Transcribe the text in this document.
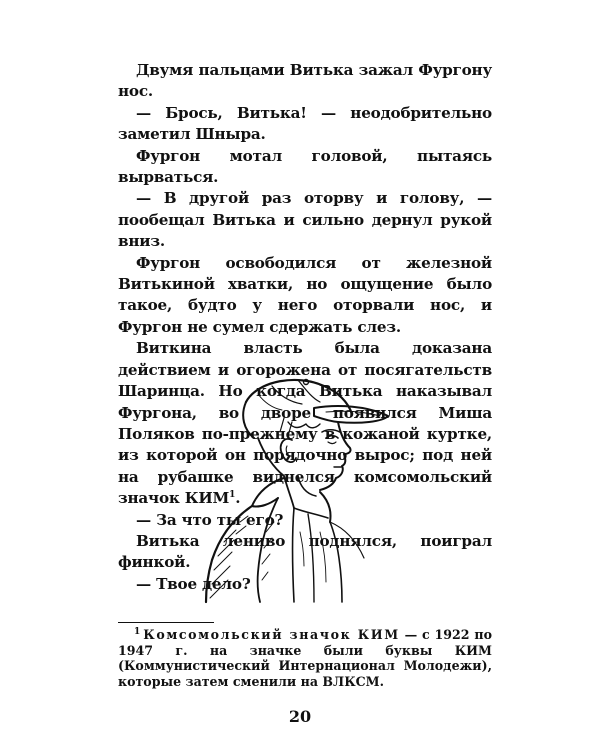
Двумя пальцами Витька зажал Фургону нос.

— Брось, Витька! — неодобрительно заметил Шныра.

Фургон мотал головой, пытаясь вырваться.

— В другой раз оторву и голову, — пообещал Витька и сильно дернул рукой вниз.

Фургон освободился от железной Витькиной хватки, но ощущение было такое, будто у него оторвали нос, и Фургон не сумел сдержать слез.

Виткина власть была доказана действием и огорожена от посягательств Шаринца. Но когда Витька наказывал Фургона, во дворе появился Миша Поляков по-прежнему в кожаной куртке, из которой он порядочно вырос; под ней на рубашке виднелся комсомольский значок КИМ$^1$.

— За что ты его?

Витька лениво поднялся, поиграл финкой.

— Твое дело?

$^1$ Комсомольский значок КИМ — с 1922 по 1947 г. на значке были буквы КИМ (Коммунистический Интернационал Молодежи), которые затем сменили на ВЛКСМ.

20
